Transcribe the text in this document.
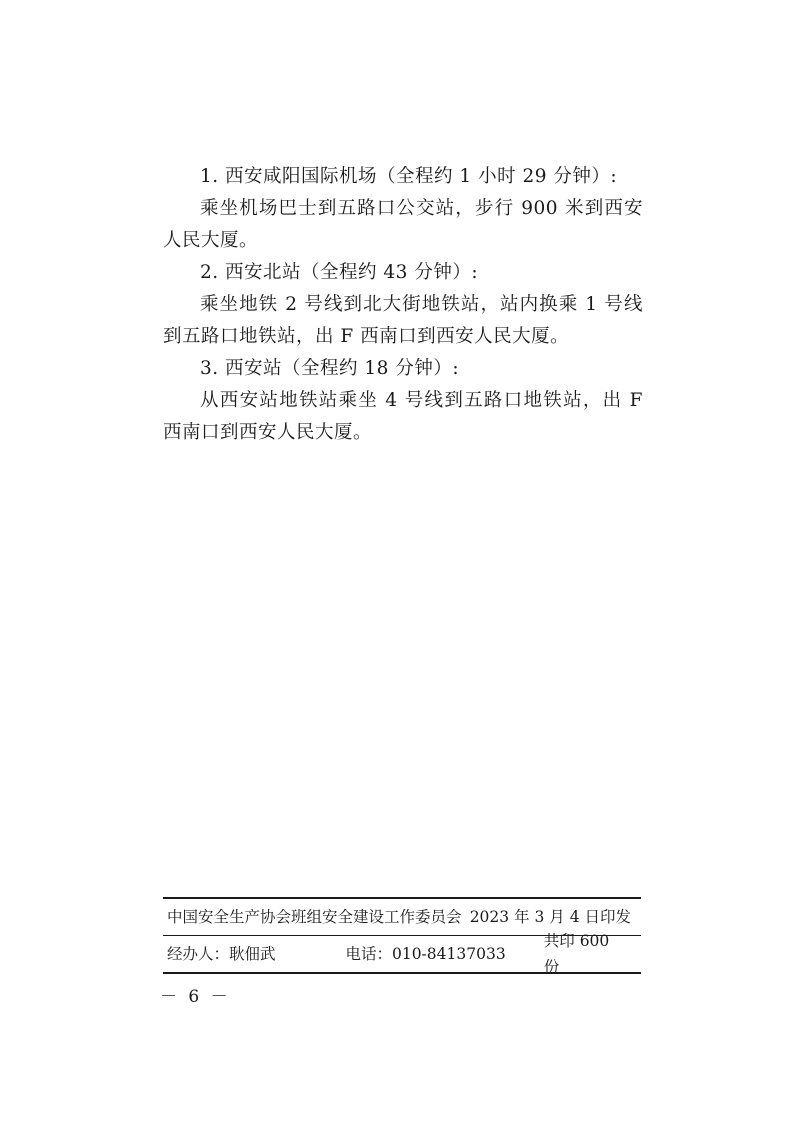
1. 西安咸阳国际机场（全程约 1 小时 29 分钟）:

乘坐机场巴士到五路口公交站，步行 900 米到西安人民大厦。

2. 西安北站（全程约 43 分钟）:

乘坐地铁 2 号线到北大街地铁站，站内换乘 1 号线到五路口地铁站，出 F 西南口到西安人民大厦。

3. 西安站（全程约 18 分钟）:

从西安站地铁站乘坐 4 号线到五路口地铁站，出 F 西南口到西安人民大厦。

中国安全生产协会班组安全建设工作委员会 2023 年 3 月 4 日印发
经办人：耿佃武	电话：010-84137033
共印 600 份
－ 6 －
